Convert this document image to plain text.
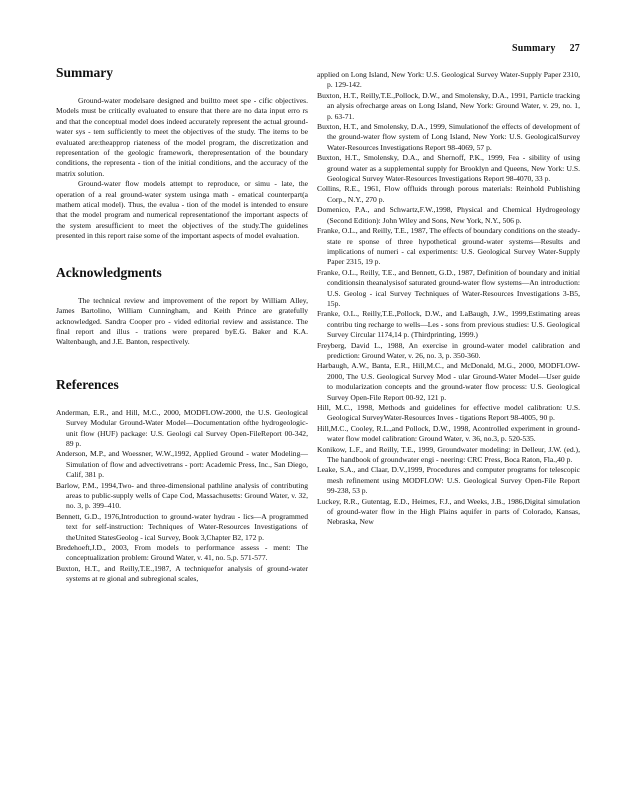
Summary 27
Summary

Ground-water modelsare designed and builtto meet spe - cific objectives. Models must be critically evaluated to ensure that there are no data input erro rs and that the conceptual model does indeed accurately represent the actual ground-water sys - tem sufficiently to meet the objectives of the study. The items to be evaluated are:theapprop riateness of the model program, the discretization and representation of the geologic framework, therepresentation of the boundary conditions, the representa - tion of the initial conditions, and the accuracy of the matrix solution.

Ground-water flow models attempt to reproduce, or simu - late, the operation of a real ground-water system usinga math - ematical counterpart(a mathem atical model). Thus, the evalua - tion of the model is intended to ensure that the model program and numerical representationof the important aspects of the system aresufficient to meet the objectives of the study.The guidelines presented in this report raise some of the important aspects of model evaluation.

Acknowledgments

The technical review and improvement of the report by William Alley, James Bartolino, William Cunningham, and Keith Prince are gratefully acknowledged. Sandra Cooper pro - vided editorial review and assistance. The final report and illus - trations were prepared byE.G. Baker and K.A. Waltenbaugh, and J.E. Banton, respectively.

References

Anderman, E.R., and Hill, M.C., 2000, MODFLOW-2000, the U.S. Geological Survey Modular Ground-Water Model—Documentation ofthe hydrogeologic-unit flow (HUF) package: U.S. Geologi cal Survey Open-FileReport 00-342, 89 p.

Anderson, M.P., and Woessner, W.W.,1992, Applied Ground - water Modeling—Simulation of flow and advectivetrans - port: Academic Press, Inc., San Diego, Calif, 381 p.

Barlow, P.M., 1994,Two- and three-dimensional pathline analysis of contributing areas to public-supply wells of Cape Cod, Massachusetts: Ground Water, v. 32, no. 3, p. 399–410.

Bennett, G.D., 1976,Introduction to ground-water hydrau - lics—A programmed text for self-instruction: Techniques of Water-Resources Investigations of theUnited StatesGeolog - ical Survey, Book 3,Chapter B2, 172 p.

Bredehoeft,J.D., 2003, From models to performance assess - ment: The conceptualization problem: Ground Water, v. 41, no. 5,p. 571-577.

Buxton, H.T., and Reilly,T.E.,1987, A techniquefor analysis of ground-water systems at re gional and subregional scales,

applied on Long Island, New York: U.S. Geological Survey Water-Supply Paper 2310, p. 129-142.

Buxton, H.T., Reilly,T.E.,Pollock, D.W., and Smolensky, D.A., 1991, Particle tracking an alysis ofrecharge areas on Long Island, New York: Ground Water, v. 29, no. 1, p. 63-71.

Buxton, H.T., and Smolensky, D.A., 1999, Simulationof the effects of development of the ground-water flow system of Long Island, New York: U.S. GeologicalSurvey Water-Resources Investigations Report 98-4069, 57 p.

Buxton, H.T., Smolensky, D.A., and Shernoff, P.K., 1999, Fea - sibility of using ground water as a supplemental supply for Brooklyn and Queens, New York: U.S. Geological Survey Water-Resources Investigations Report 98-4070, 33 p.

Collins, R.E., 1961, Flow offluids through porous materials: Reinhold Publishing Corp., N.Y., 270 p.

Domenico, P.A., and Schwartz,F.W.,1998, Physical and Chemical Hydrogeology (Second Edition): John Wiley and Sons, New York, N.Y., 506 p.

Franke, O.L., and Reilly, T.E., 1987, The effects of boundary conditions on the steady-state re sponse of three hypothetical ground-water systems—Results and implications of numeri - cal experiments: U.S. Geological Survey Water-Supply Paper 2315, 19 p.

Franke, O.L., Reilly, T.E., and Bennett, G.D., 1987, Definition of boundary and initial conditionsin theanalysisof saturated ground-water flow systems—An introduction: U.S. Geolog - ical Survey Techniques of Water-Resources Investigations 3-B5, 15p.

Franke, O.L., Reilly,T.E.,Pollock, D.W., and LaBaugh, J.W., 1999,Estimating areas contribu ting recharge to wells—Les - sons from previous studies: U.S. Geological Survey Circular 1174,14 p. (Thirdprinting, 1999.)

Freyberg, David L., 1988, An exercise in ground-water model calibration and prediction: Ground Water, v. 26, no. 3, p. 350-360.

Harbaugh, A.W., Banta, E.R., Hill,M.C., and McDonald, M.G., 2000, MODFLOW-2000, The U.S. Geological Survey Mod - ular Ground-Water Model—User guide to modularization concepts and the ground-water flow process: U.S. Geological Survey Open-File Report 00-92, 121 p.

Hill, M.C., 1998, Methods and guidelines for effective model calibration: U.S. Geological SurveyWater-Resources Inves - tigations Report 98-4005, 90 p.

Hill,M.C., Cooley, R.L.,and Pollock, D.W., 1998, Acontrolled experiment in ground-water flow model calibration: Ground Water, v. 36, no.3, p. 520-535.

Konikow, L.F., and Reilly, T.E., 1999, Groundwater modeling: in Delleur, J.W. (ed.), The handbook of groundwater engi - neering: CRC Press, Boca Raton, Fla.,40 p.

Leake, S.A., and Claar, D.V.,1999, Procedures and computer programs for telescopic mesh refinement using MODFLOW: U.S. Geological Survey Open-File Report 99-238, 53 p.

Luckey, R.R., Gutentag, E.D., Heimes, F.J., and Weeks, J.B., 1986,Digital simulation of ground-water flow in the High Plains aquifer in parts of Colorado, Kansas, Nebraska, New
